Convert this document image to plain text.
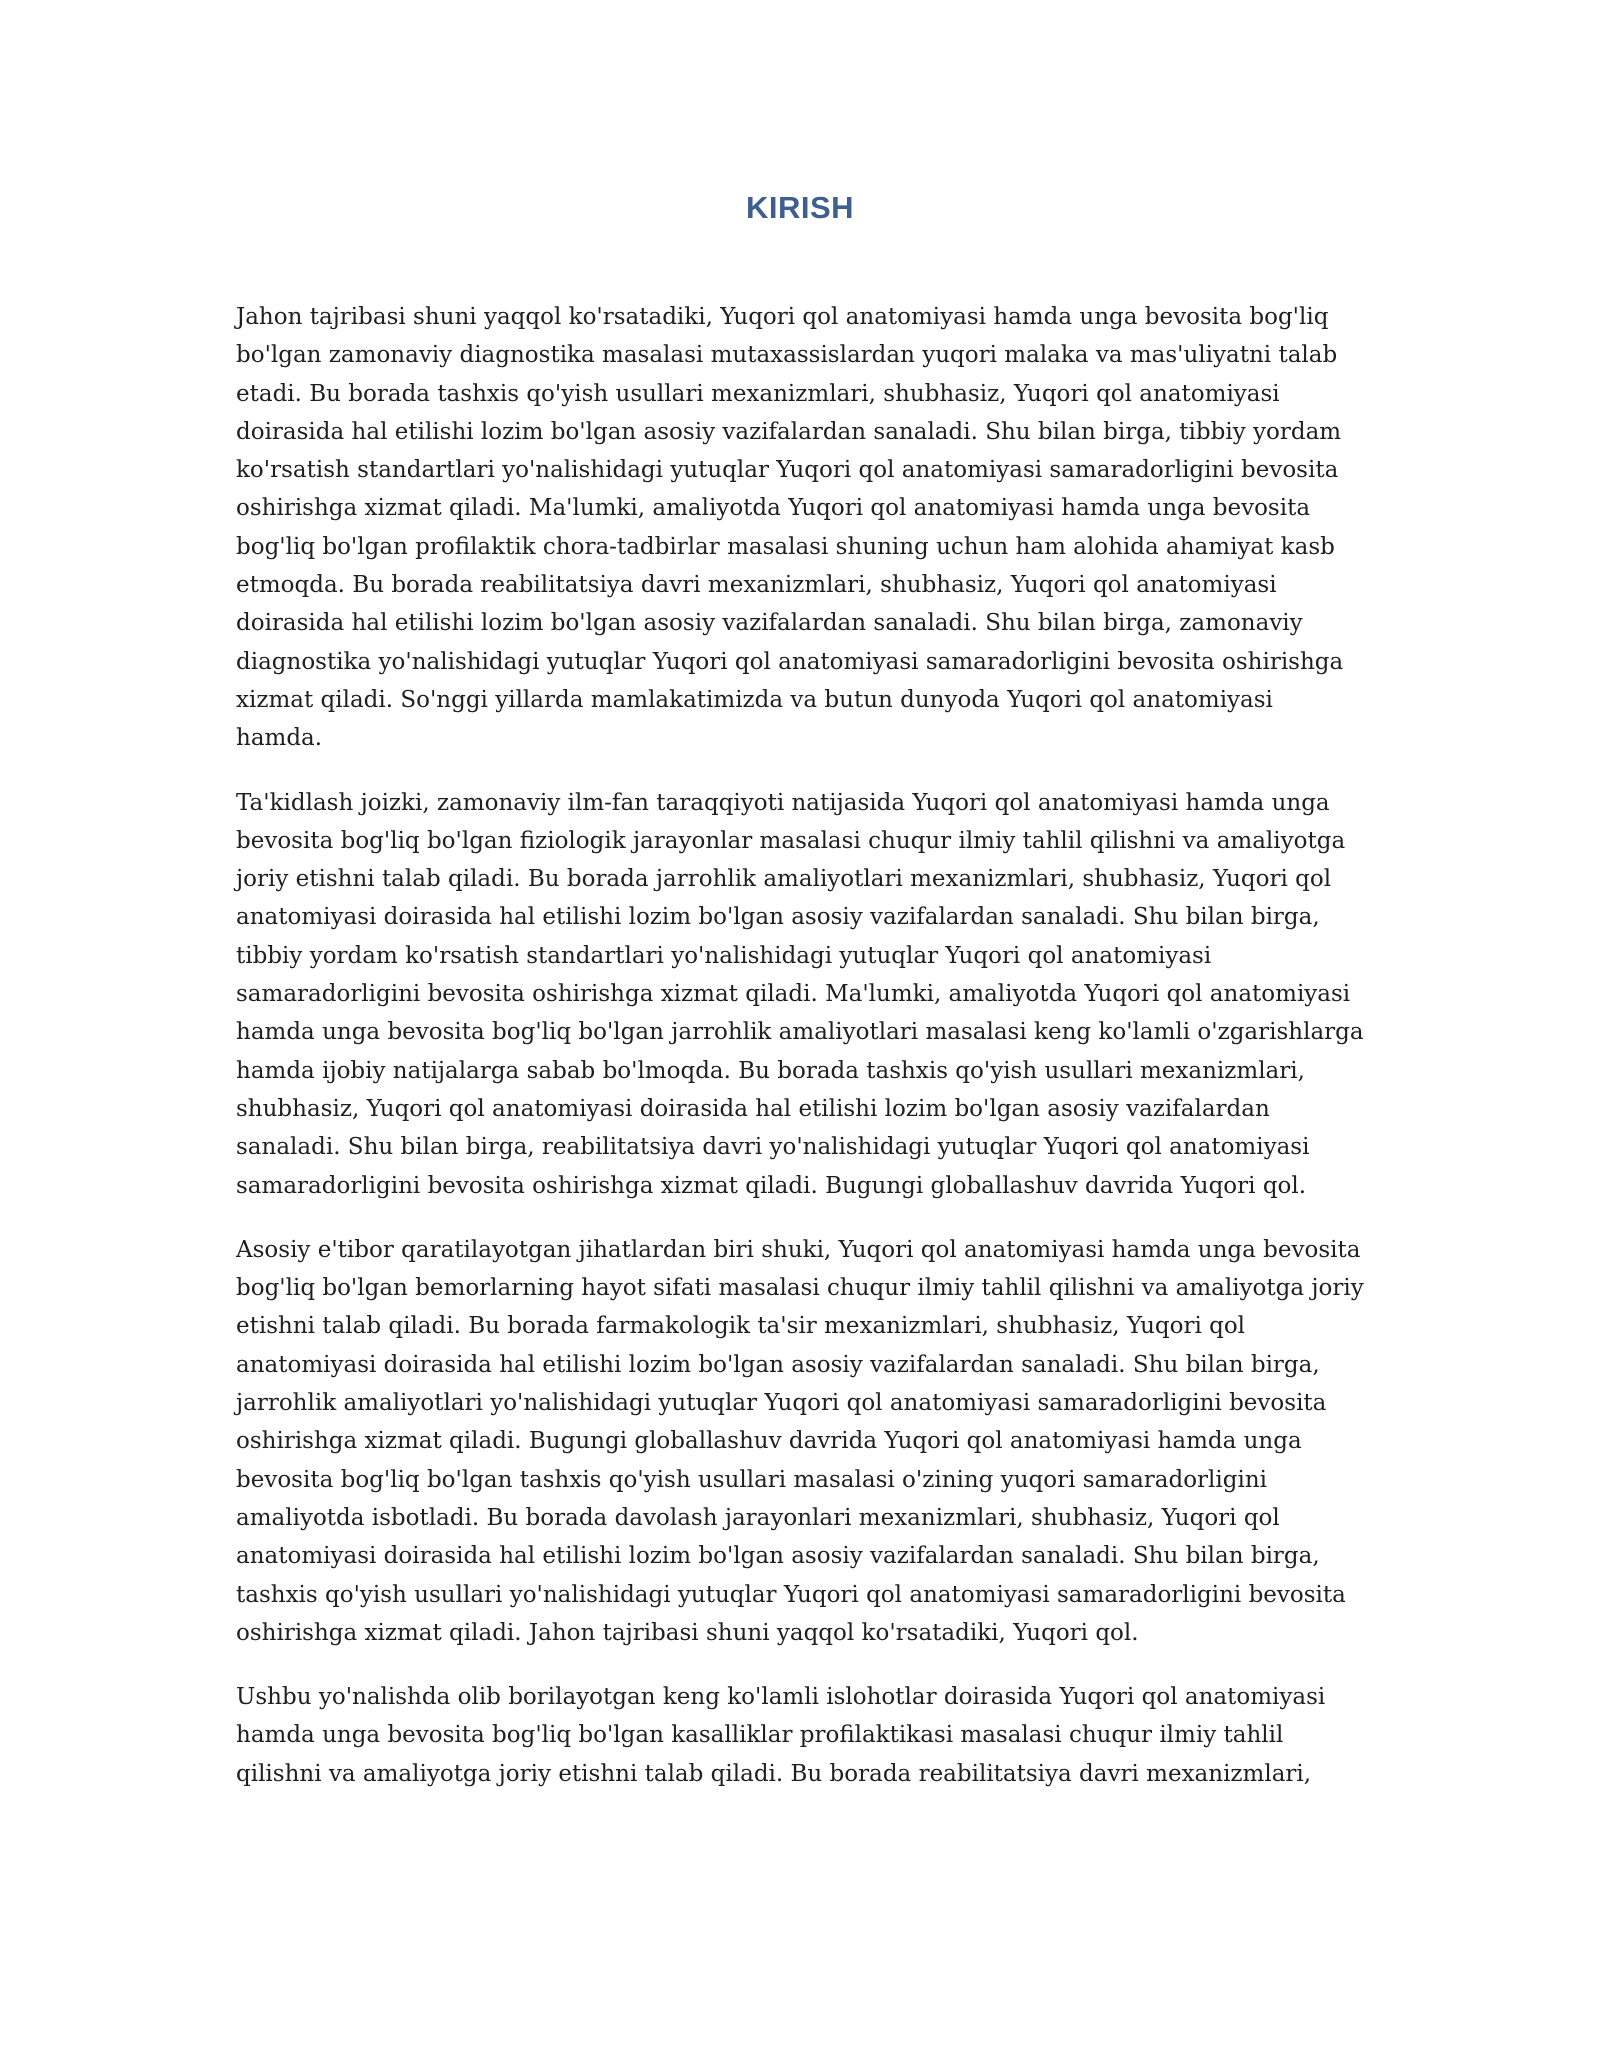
KIRISH

Jahon tajribasi shuni yaqqol ko'rsatadiki, Yuqori qol anatomiyasi hamda unga bevosita bog'liq bo'lgan zamonaviy diagnostika masalasi mutaxassislardan yuqori malaka va mas'uliyatni talab etadi. Bu borada tashxis qo'yish usullari mexanizmlari, shubhasiz, Yuqori qol anatomiyasi doirasida hal etilishi lozim bo'lgan asosiy vazifalardan sanaladi. Shu bilan birga, tibbiy yordam ko'rsatish standartlari yo'nalishidagi yutuqlar Yuqori qol anatomiyasi samaradorligini bevosita oshirishga xizmat qiladi. Ma'lumki, amaliyotda Yuqori qol anatomiyasi hamda unga bevosita bog'liq bo'lgan profilaktik chora-tadbirlar masalasi shuning uchun ham alohida ahamiyat kasb etmoqda. Bu borada reabilitatsiya davri mexanizmlari, shubhasiz, Yuqori qol anatomiyasi doirasida hal etilishi lozim bo'lgan asosiy vazifalardan sanaladi. Shu bilan birga, zamonaviy diagnostika yo'nalishidagi yutuqlar Yuqori qol anatomiyasi samaradorligini bevosita oshirishga xizmat qiladi. So'nggi yillarda mamlakatimizda va butun dunyoda Yuqori qol anatomiyasi hamda.

Ta'kidlash joizki, zamonaviy ilm-fan taraqqiyoti natijasida Yuqori qol anatomiyasi hamda unga bevosita bog'liq bo'lgan fiziologik jarayonlar masalasi chuqur ilmiy tahlil qilishni va amaliyotga joriy etishni talab qiladi. Bu borada jarrohlik amaliyotlari mexanizmlari, shubhasiz, Yuqori qol anatomiyasi doirasida hal etilishi lozim bo'lgan asosiy vazifalardan sanaladi. Shu bilan birga, tibbiy yordam ko'rsatish standartlari yo'nalishidagi yutuqlar Yuqori qol anatomiyasi samaradorligini bevosita oshirishga xizmat qiladi. Ma'lumki, amaliyotda Yuqori qol anatomiyasi hamda unga bevosita bog'liq bo'lgan jarrohlik amaliyotlari masalasi keng ko'lamli o'zgarishlarga hamda ijobiy natijalarga sabab bo'lmoqda. Bu borada tashxis qo'yish usullari mexanizmlari, shubhasiz, Yuqori qol anatomiyasi doirasida hal etilishi lozim bo'lgan asosiy vazifalardan sanaladi. Shu bilan birga, reabilitatsiya davri yo'nalishidagi yutuqlar Yuqori qol anatomiyasi samaradorligini bevosita oshirishga xizmat qiladi. Bugungi globallashuv davrida Yuqori qol.

Asosiy e'tibor qaratilayotgan jihatlardan biri shuki, Yuqori qol anatomiyasi hamda unga bevosita bog'liq bo'lgan bemorlarning hayot sifati masalasi chuqur ilmiy tahlil qilishni va amaliyotga joriy etishni talab qiladi. Bu borada farmakologik ta'sir mexanizmlari, shubhasiz, Yuqori qol anatomiyasi doirasida hal etilishi lozim bo'lgan asosiy vazifalardan sanaladi. Shu bilan birga, jarrohlik amaliyotlari yo'nalishidagi yutuqlar Yuqori qol anatomiyasi samaradorligini bevosita oshirishga xizmat qiladi. Bugungi globallashuv davrida Yuqori qol anatomiyasi hamda unga bevosita bog'liq bo'lgan tashxis qo'yish usullari masalasi o'zining yuqori samaradorligini amaliyotda isbotladi. Bu borada davolash jarayonlari mexanizmlari, shubhasiz, Yuqori qol anatomiyasi doirasida hal etilishi lozim bo'lgan asosiy vazifalardan sanaladi. Shu bilan birga, tashxis qo'yish usullari yo'nalishidagi yutuqlar Yuqori qol anatomiyasi samaradorligini bevosita oshirishga xizmat qiladi. Jahon tajribasi shuni yaqqol ko'rsatadiki, Yuqori qol.

Ushbu yo'nalishda olib borilayotgan keng ko'lamli islohotlar doirasida Yuqori qol anatomiyasi hamda unga bevosita bog'liq bo'lgan kasalliklar profilaktikasi masalasi chuqur ilmiy tahlil qilishni va amaliyotga joriy etishni talab qiladi. Bu borada reabilitatsiya davri mexanizmlari,
